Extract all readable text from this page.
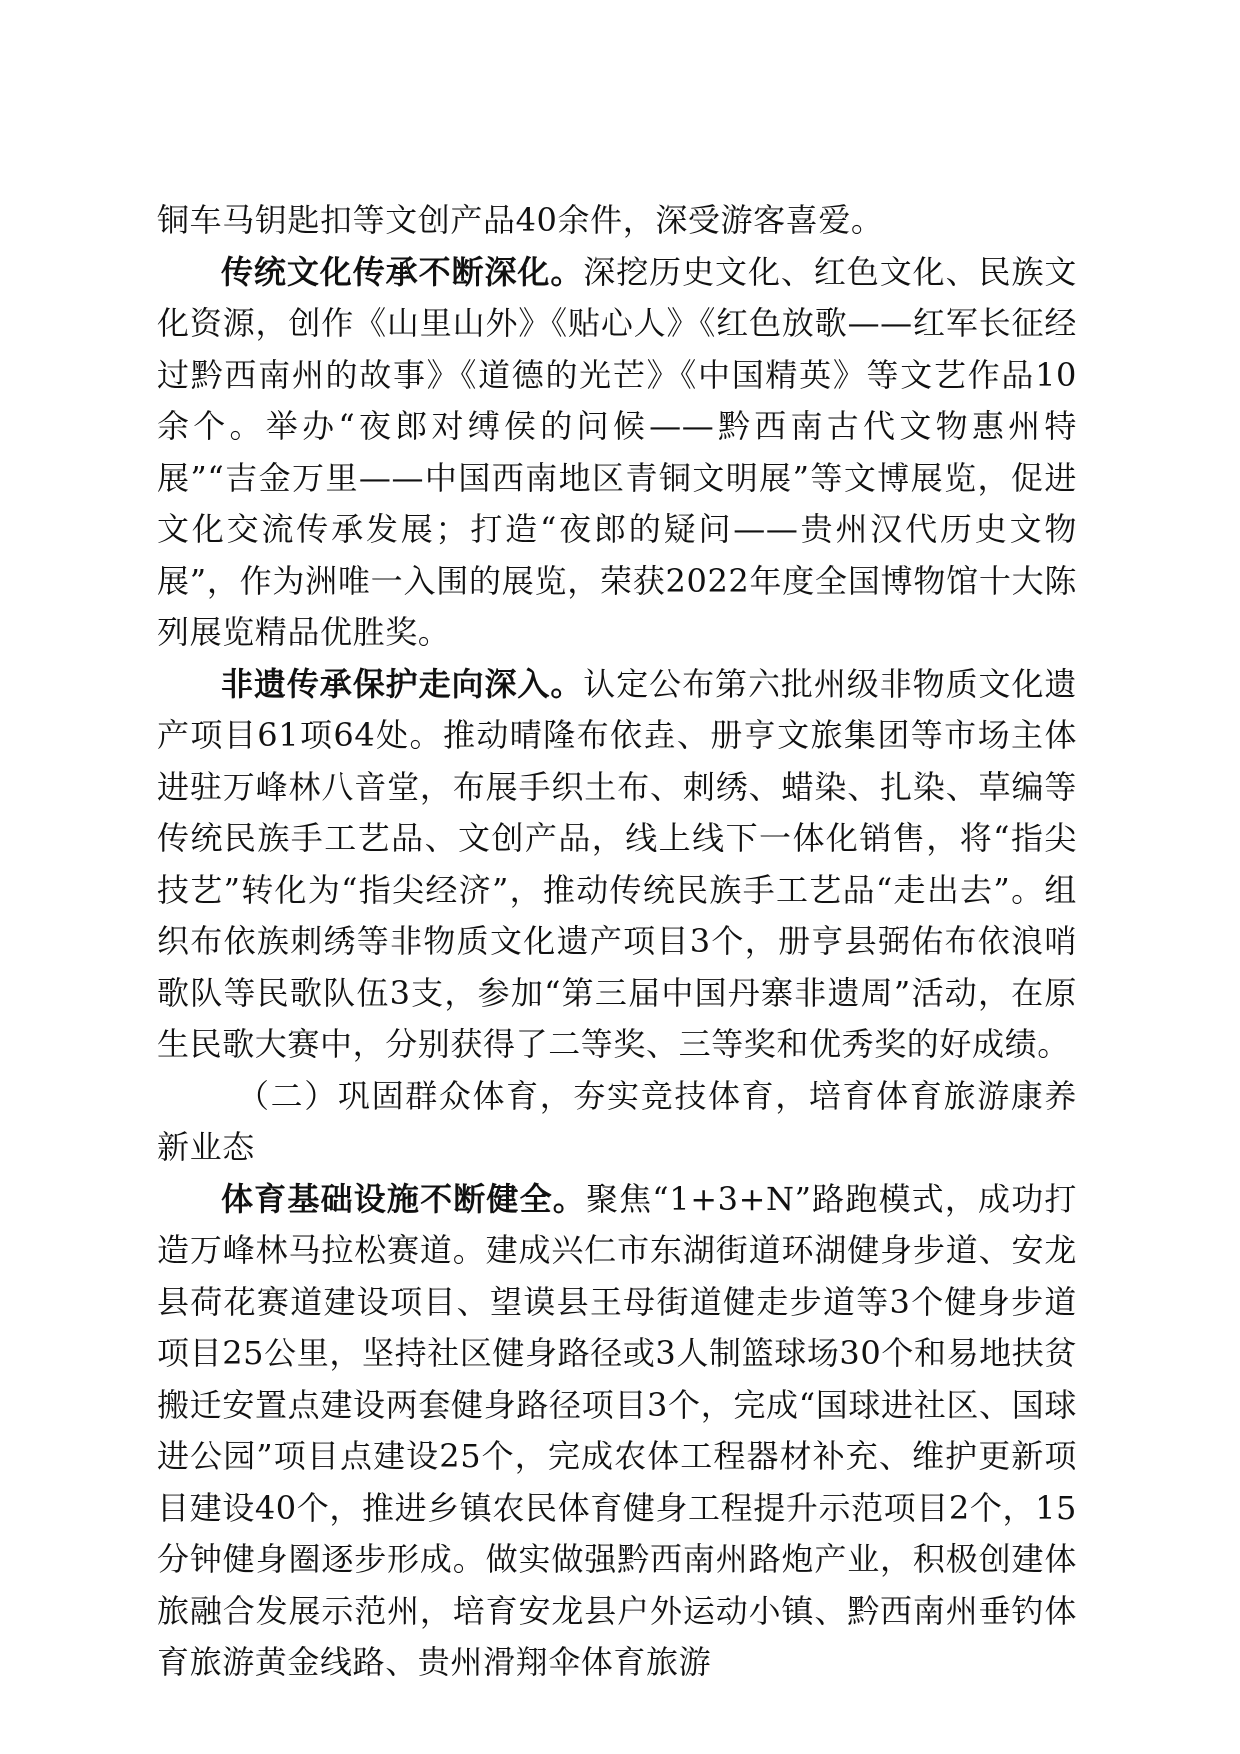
铜车马钥匙扣等文创产品40余件，深受游客喜爱。

传统文化传承不断深化。深挖历史文化、红色文化、民族文化资源，创作《山里山外》《贴心人》《红色放歌——红军长征经过黔西南州的故事》《道德的光芒》《中国精英》等文艺作品10余个。举办“夜郎对缚侯的问候——黔西南古代文物惠州特展”“吉金万里——中国西南地区青铜文明展”等文博展览，促进文化交流传承发展；打造“夜郎的疑问——贵州汉代历史文物展”，作为洲唯一入围的展览，荣获2022年度全国博物馆十大陈列展览精品优胜奖。

非遗传承保护走向深入。认定公布第六批州级非物质文化遗产项目61项64处。推动晴隆布依垚、册亨文旅集团等市场主体进驻万峰林八音堂，布展手织土布、刺绣、蜡染、扎染、草编等传统民族手工艺品、文创产品，线上线下一体化销售，将“指尖技艺”转化为“指尖经济”，推动传统民族手工艺品“走出去”。组织布依族刺绣等非物质文化遗产项目3个，册亨县弼佑布依浪哨歌队等民歌队伍3支，参加“第三届中国丹寨非遗周”活动，在原生民歌大赛中，分别获得了二等奖、三等奖和优秀奖的好成绩。

（二）巩固群众体育，夯实竞技体育，培育体育旅游康养新业态

体育基础设施不断健全。聚焦“1+3+N”路跑模式，成功打造万峰林马拉松赛道。建成兴仁市东湖街道环湖健身步道、安龙县荷花赛道建设项目、望谟县王母街道健走步道等3个健身步道项目25公里，坚持社区健身路径或3人制篮球场30个和易地扶贫搬迁安置点建设两套健身路径项目3个，完成“国球进社区、国球进公园”项目点建设25个，完成农体工程器材补充、维护更新项目建设40个，推进乡镇农民体育健身工程提升示范项目2个，15分钟健身圈逐步形成。做实做强黔西南州路炮产业，积极创建体旅融合发展示范州，培育安龙县户外运动小镇、黔西南州垂钓体育旅游黄金线路、贵州滑翔伞体育旅游
